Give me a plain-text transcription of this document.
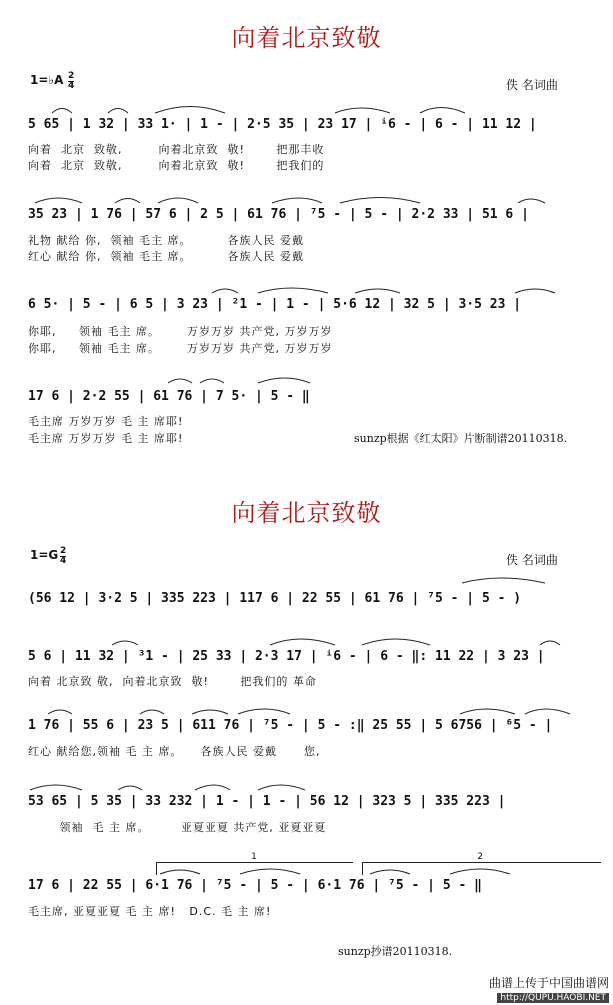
向着北京致敬
1=♭A 2
4	佚 名词曲
5 65 | 1 32 | 33 1· | 1 - | 2·5 35 | 23 17 | ⁱ6 - | 6 - | 11 12 |
向着  北京  致敬,        向着北京致  敬!       把那丰收
向着  北京  致敬,        向着北京致  敬!       把我们的
35 23 | 1 76 | 57 6 | 2 5 | 61 76 | ⁷5 - | 5 - | 2·2 33 | 51 6 |
礼物 献给 你,  领袖 毛主 席。        各族人民 爱戴
红心 献给 你,  领袖 毛主 席。        各族人民 爱戴
6 5· | 5 - | 6 5 | 3 23 | ²1 - | 1 - | 5·6 12 | 32 5 | 3·5 23 |
你耶,     领袖 毛主 席。      万岁万岁 共产党, 万岁万岁
你耶,     领袖 毛主 席。      万岁万岁 共产党, 万岁万岁
17 6 | 2·2 55 | 61 76 | 7 5· | 5 - ‖
毛主席 万岁万岁 毛 主 席耶!
毛主席 万岁万岁 毛 主 席耶!	sunzp根据《红太阳》片断制谱20110318.
向着北京致敬
1=G 2
4	佚 名词曲
(56 12 | 3·2 5 | 335 223 | 117 6 | 22 55 | 61 76 | ⁷5 - | 5 - )
5 6 | 11 32 | ³1 - | 25 33 | 2·3 17 | ⁱ6 - | 6 - ‖: 11 22 | 3 23 |
向着 北京致 敬,  向着北京致  敬!       把我们的 革命
1 76 | 55 6 | 23 5 | 611 76 | ⁷5 - | 5 - :‖ 25 55 | 5 6756 | ⁶5 - |
红心 献给您,领袖 毛 主 席。    各族人民 爱戴      您,
53 65 | 5 35 | 33 232 | 1 - | 1 - | 56 12 | 323 5 | 335 223 |
领袖  毛 主 席。       亚夏亚夏 共产党, 亚夏亚夏
1	2
17 6 | 22 55 | 6·1 76 | ⁷5 - | 5 - | 6·1 76 | ⁷5 - | 5 - ‖
毛主席, 亚夏亚夏 毛 主 席!   D.C. 毛 主 席!
sunzp抄谱20110318.
曲谱上传于中国曲谱网
http://QUPU.HAOBI.NET
